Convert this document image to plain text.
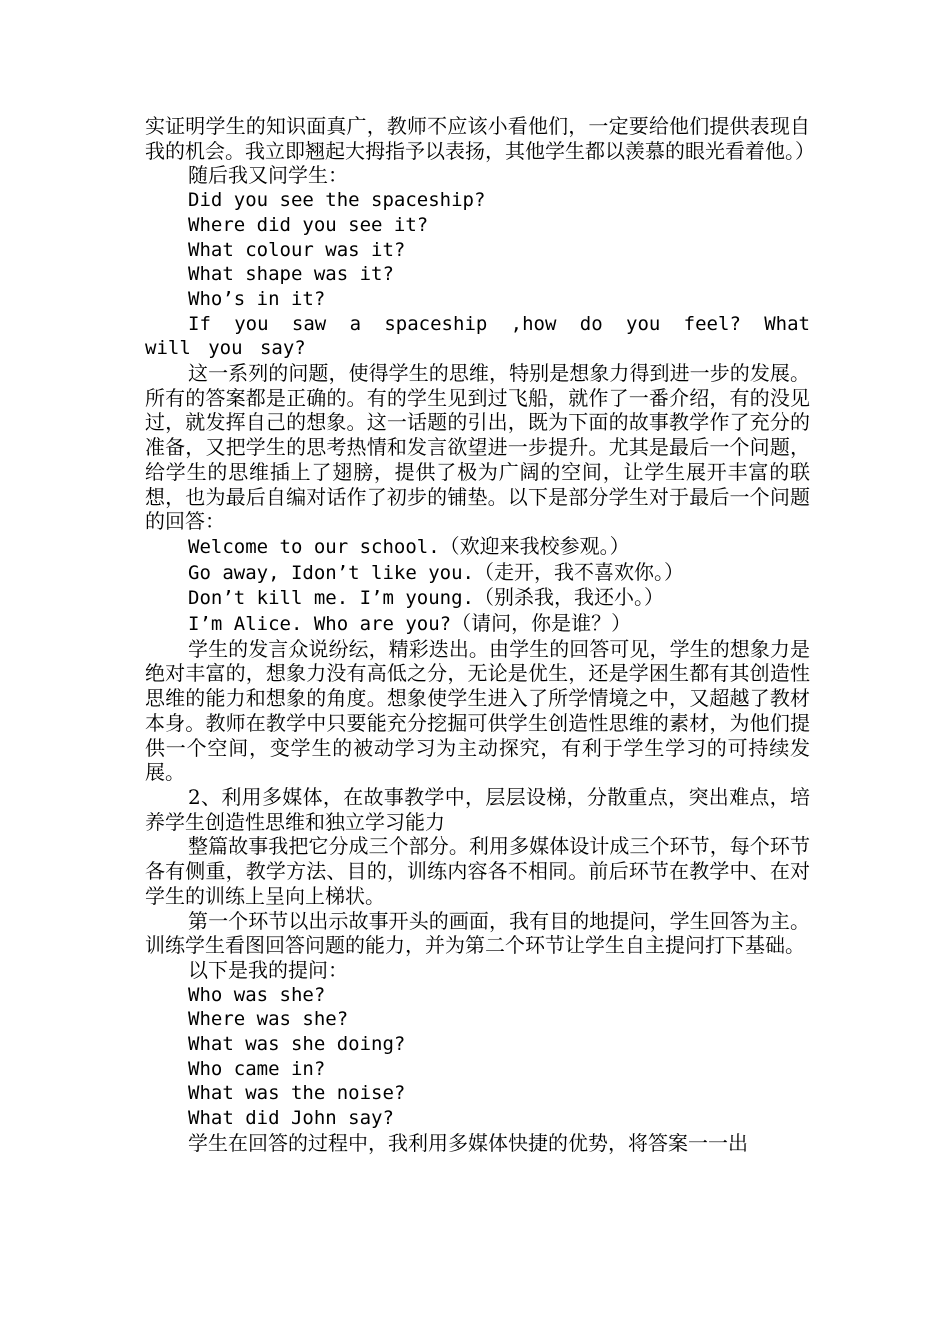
实证明学生的知识面真广，教师不应该小看他们，一定要给他们提供表现自我的机会。我立即翘起大拇指予以表扬，其他学生都以羡慕的眼光看着他。）

随后我又问学生：

Did you see the spaceship?

Where did you see it?

What colour was it?

What shape was it?

Who’s in it?

If you saw a spaceship ,how do you feel? What will you say?

这一系列的问题，使得学生的思维，特别是想象力得到进一步的发展。所有的答案都是正确的。有的学生见到过飞船，就作了一番介绍，有的没见过，就发挥自己的想象。这一话题的引出，既为下面的故事教学作了充分的准备，又把学生的思考热情和发言欲望进一步提升。尤其是最后一个问题，给学生的思维插上了翅膀，提供了极为广阔的空间，让学生展开丰富的联想，也为最后自编对话作了初步的铺垫。以下是部分学生对于最后一个问题的回答：

Welcome to our school.（欢迎来我校参观。）

Go away, Idon’t like you.（走开，我不喜欢你。）

Don’t kill me. I’m young.（别杀我，我还小。）

I’m Alice. Who are you?（请问，你是谁？）

学生的发言众说纷纭，精彩迭出。由学生的回答可见，学生的想象力是绝对丰富的，想象力没有高低之分，无论是优生，还是学困生都有其创造性思维的能力和想象的角度。想象使学生进入了所学情境之中，又超越了教材本身。教师在教学中只要能充分挖掘可供学生创造性思维的素材，为他们提供一个空间，变学生的被动学习为主动探究，有利于学生学习的可持续发展。

2、利用多媒体，在故事教学中，层层设梯，分散重点，突出难点，培养学生创造性思维和独立学习能力

整篇故事我把它分成三个部分。利用多媒体设计成三个环节，每个环节各有侧重，教学方法、目的，训练内容各不相同。前后环节在教学中、在对学生的训练上呈向上梯状。

第一个环节以出示故事开头的画面，我有目的地提问，学生回答为主。训练学生看图回答问题的能力，并为第二个环节让学生自主提问打下基础。

以下是我的提问：

Who was she?

Where was she?

What was she doing?

Who came in?

What was the noise?

What did John say?

学生在回答的过程中，我利用多媒体快捷的优势，将答案一一出
